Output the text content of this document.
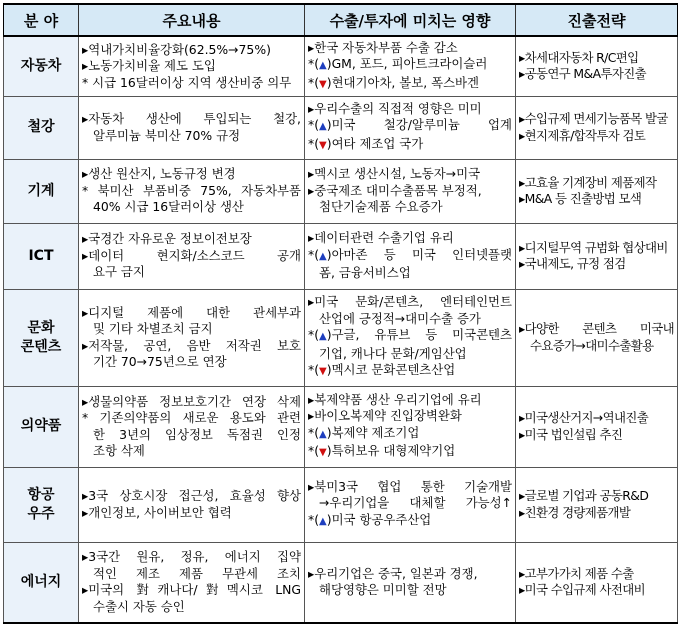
분 야	주요내용	수출/투자에 미치는 영향	진출전략

자동차	▸역내가치비율강화(62.5%→75%)
▸노동가치비율 제도 도입
* 시급 16달러이상 지역 생산비중 의무	▸한국 자동차부품 수출 감소
*(▲)GM, 포드, 피아트크라이슬러
*(▼)현대기아차, 볼보, 폭스바겐	▸차세대자동차 R/C편입
▸공동연구 M&A투자진출

철강	▸자동차 생산에 투입되는 철강,
알루미늄 북미산 70% 규정	▸우리수출의 직접적 영향은 미미
*(▲)미국 철강/알루미늄 업계
*(▼)여타 제조업 국가	▸수입규제 면세기능품목 발굴
▸현지제휴/합작투자 검토

기계	▸생산 원산지, 노동규정 변경
* 북미산 부품비중 75%, 자동차부품
40% 시급 16달러이상 생산	▸멕시코 생산시설, 노동자→미국
▸중국제조 대미수출품목 부정적,
첨단기술제품 수요증가	▸고효율 기계장비 제품제작
▸M&A 등 진출방법 모색

ICT	▸국경간 자유로운 정보이전보장
▸데이터 현지화/소스코드 공개
요구 금지	▸데이터관련 수출기업 유리
*(▲)아마존 등 미국 인터넷플랫
폼, 금융서비스업	▸디지털무역 규범화 협상대비
▸국내제도, 규정 점검

문화
콘텐츠	▸디지털 제품에 대한 관세부과
및 기타 차별조치 금지
▸저작물, 공연, 음반 저작권 보호
기간 70→75년으로 연장	▸미국 문화/콘텐츠, 엔터테인먼트
산업에 긍정적→대미수출 증가
*(▲)구글, 유튜브 등 미국콘텐츠
기업, 캐나다 문화/게임산업
*(▼)멕시코 문화콘텐츠산업	▸다양한 콘텐츠 미국내
수요증가→대미수출활용

의약품	▸생물의약품 정보보호기간 연장 삭제
* 기존의약품의 새로운 용도와 관련
한 3년의 임상정보 독점권 인정
조항 삭제	▸복제약품 생산 우리기업에 유리
▸바이오복제약 진입장벽완화
*(▲)복제약 제조기업
*(▼)특허보유 대형제약기업	▸미국생산거지→역내진출
▸미국 법인설립 추진

항공
우주	▸3국 상호시장 접근성, 효율성 향상
▸개인정보, 사이버보안 협력	▸북미3국 협업 통한 기술개발
→우리기업을 대체할 가능성↑
*(▲)미국 항공우주산업	▸글로벌 기업과 공동R&D
▸친환경 경량제품개발

에너지	▸3국간 원유, 정유, 에너지 집약
적인 제조 제품 무관세 조치
▸미국의 對캐나다/對멕시코 LNG
수출시 자동 승인	▸우리기업은 중국, 일본과 경쟁,
해당영향은 미미할 전망	▸고부가가치 제품 수출
▸미국 수입규제 사전대비
